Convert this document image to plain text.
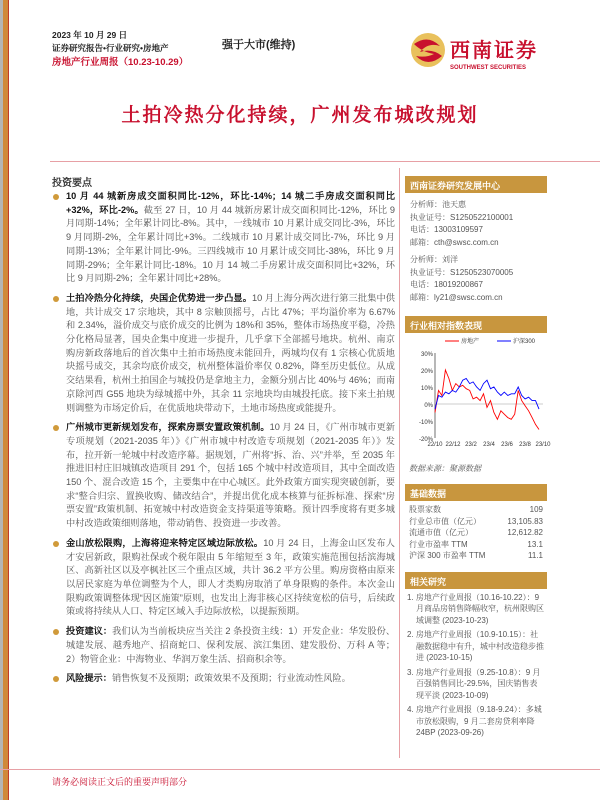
2023 年 10 月 29 日
证券研究报告•行业研究•房地产
房地产行业周报（10.23-10.29）
强于大市(维持)	西南证券
SOUTHWEST SECURITIES
土拍冷热分化持续，广州发布城改规划
投资要点

10 月 44 城新房成交面积同比-12%，环比-14%；14 城二手房成交面积同比+32%，环比-2%。截至 27 日，10 月 44 城新房累计成交面积同比-12%，环比 9 月同期-14%；全年累计同比-8%。其中，一线城市 10 月累计成交同比-3%，环比 9 月同期-2%，全年累计同比+3%。二线城市 10 月累计成交同比-7%，环比 9 月同期-13%；全年累计同比-9%。三四线城市 10 月累计成交同比-38%，环比 9 月同期-29%；全年累计同比-18%。10 月 14 城二手房累计成交面积同比+32%，环比 9 月同期-2%；全年累计同比+28%。

土拍冷热分化持续，央国企优势进一步凸显。10 月上海分两次进行第三批集中供地，共计成交 17 宗地块，其中 8 宗触顶摇号，占比 47%；平均溢价率为 6.67%和 2.34%，溢价成交与底价成交的比例为 18%和 35%，整体市场热度平稳，冷热分化格局显著，国央企集中度进一步提升，几乎拿下全部摇号地块。杭州、南京购房新政落地后的首次集中土拍市场热度未能回升，两城均仅有 1 宗核心优质地块摇号成交，其余均底价成交，杭州整体溢价率仅 0.82%，降至历史低位。从成交结果看，杭州土拍国企与城投仍是拿地主力，金额分别占比 40%与 46%；而南京除河西 G55 地块为绿城摇中外，其余 11 宗地块均由城投托底。接下来土拍规则调整为市场定价后，在优质地块带动下，土地市场热度或能提升。

广州城市更新规划发布，探索房票安置政策机制。10 月 24 日，《广州市城市更新专项规划（2021-2035 年）》《广州市城中村改造专项规划（2021-2035 年）》发布，拉开新一轮城中村改造序幕。据规划，广州将“拆、治、兴”并举，至 2035 年推进旧村庄旧城镇改造项目 291 个，包括 165 个城中村改造项目，其中全面改造 150 个、混合改造 15 个，主要集中在中心城区。此外政策方面实现突破创新，要求“整合归宗、置换收购、储改结合”，并提出优化成本核算与征拆标准、探索“房票安置”政策机制、拓宽城中村改造资金支持渠道等策略。预计四季度将有更多城中村改造政策细则落地，带动销售、投资进一步改善。

金山放松限购，上海将迎来特定区域边际放松。10 月 24 日，上海金山区发布人才安居新政，限购社保或个税年限由 5 年缩短至 3 年，政策实施范围包括滨海城区、高新社区以及亭枫社区三个重点区域，共计 36.2 平方公里。购房资格由原来以居民家庭为单位调整为个人，即人才类购房取消了单身限购的条件。本次金山限购政策调整体现“因区施策”原则，也发出上海非核心区持续宽松的信号，后续政策或将持续从人口、特定区域入手边际放松，以提振预期。

投资建议：我们认为当前板块应当关注 2 条投资主线：1）开发企业：华发股份、城建发展、越秀地产、招商蛇口、保利发展、滨江集团、建发股份、万科 A 等；2）物管企业：中海物业、华润万象生活、招商积余等。

风险提示：销售恢复不及预期；政策效果不及预期；行业流动性风险。

西南证券研究发展中心
分析师：池天惠
执业证号：S1250522100001
电话：13003109597
邮箱：cth@swsc.com.cn
分析师：刘洋
执业证号：S1250523070005
电话：18019200867
邮箱：ly21@swsc.com.cn
行业相对指数表现
30%
20%
10%
0%
-10%
-20%
22/10 22/12 23/2 23/4 23/6 23/8 23/10
房地产	沪深300
数据来源：聚源数据
基础数据
股票家数	109
行业总市值（亿元）	13,105.83
流通市值（亿元）	12,612.82
行业市盈率 TTM	13.1
沪深 300 市盈率 TTM	11.1
相关研究
1. 房地产行业周报（10.16-10.22）：9 月商品房销售降幅收窄，杭州限购区域调整 (2023-10-23)
2. 房地产行业周报（10.9-10.15）：社融数据稳中有升，城中村改造稳步推进 (2023-10-15)
3. 房地产行业周报（9.25-10.8）：9 月百强销售同比-29.5%，国庆销售表现平淡 (2023-10-09)
4. 房地产行业周报（9.18-9.24）：多城市放松限购，9 月二套房贷利率降 24BP (2023-09-26)
请务必阅读正文后的重要声明部分
